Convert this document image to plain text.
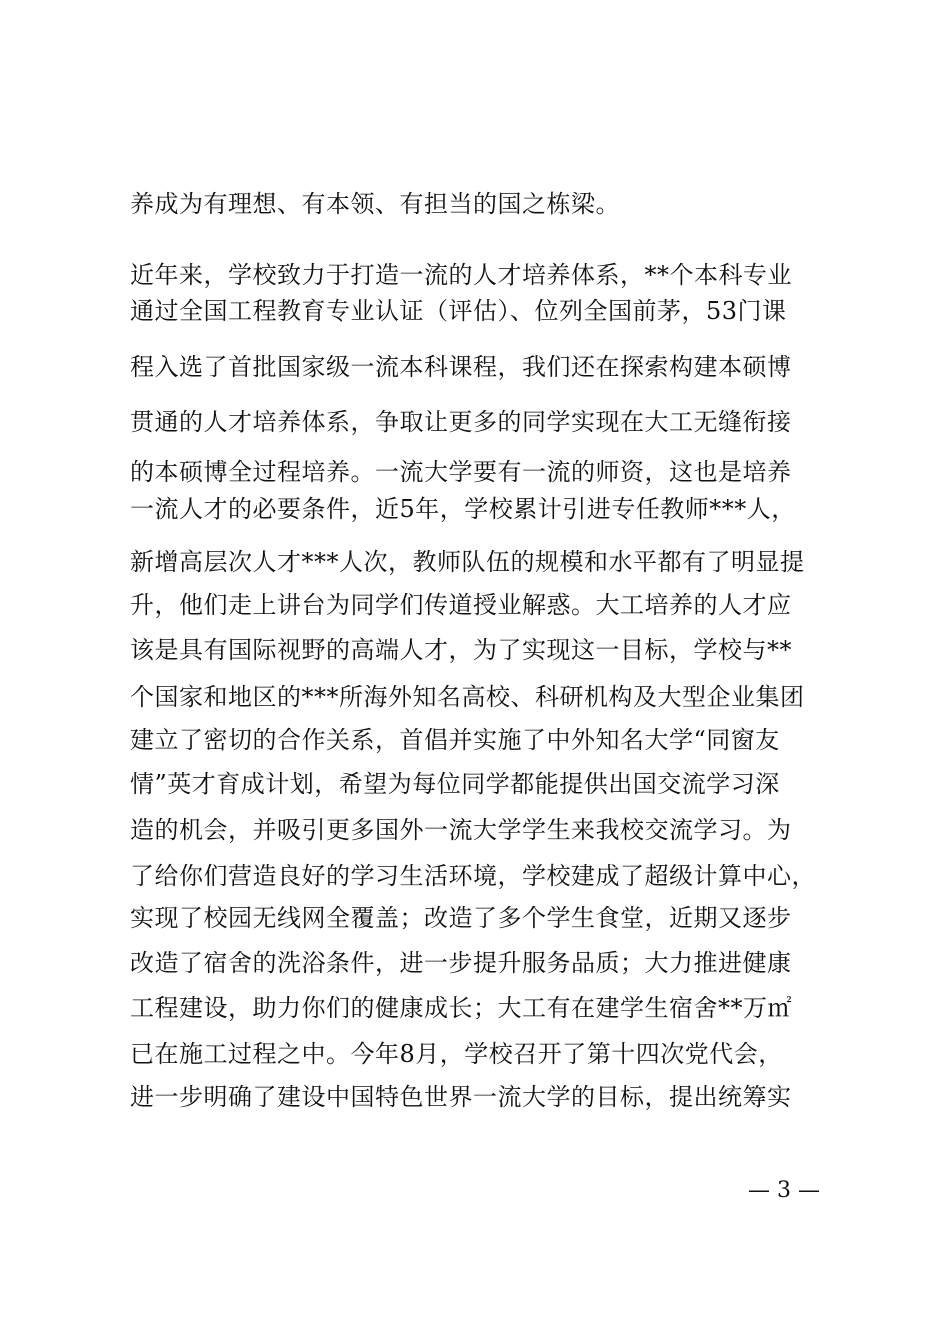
养成为有理想、有本领、有担当的国之栋梁。
近年来，学校致力于打造一流的人才培养体系，**个本科专业
通过全国工程教育专业认证（评估）、位列全国前茅，53门课
程入选了首批国家级一流本科课程，我们还在探索构建本硕博
贯通的人才培养体系，争取让更多的同学实现在大工无缝衔接
的本硕博全过程培养。一流大学要有一流的师资，这也是培养
一流人才的必要条件，近5年，学校累计引进专任教师***人，
新增高层次人才***人次，教师队伍的规模和水平都有了明显提
升，他们走上讲台为同学们传道授业解惑。大工培养的人才应
该是具有国际视野的高端人才，为了实现这一目标，学校与**
个国家和地区的***所海外知名高校、科研机构及大型企业集团
建立了密切的合作关系，首倡并实施了中外知名大学“同窗友
情”英才育成计划，希望为每位同学都能提供出国交流学习深
造的机会，并吸引更多国外一流大学学生来我校交流学习。为
了给你们营造良好的学习生活环境，学校建成了超级计算中心，
实现了校园无线网全覆盖；改造了多个学生食堂，近期又逐步
改造了宿舍的洗浴条件，进一步提升服务品质；大力推进健康
工程建设，助力你们的健康成长；大工有在建学生宿舍**万㎡
已在施工过程之中。今年8月，学校召开了第十四次党代会，
进一步明确了建设中国特色世界一流大学的目标，提出统筹实
— 3 —
